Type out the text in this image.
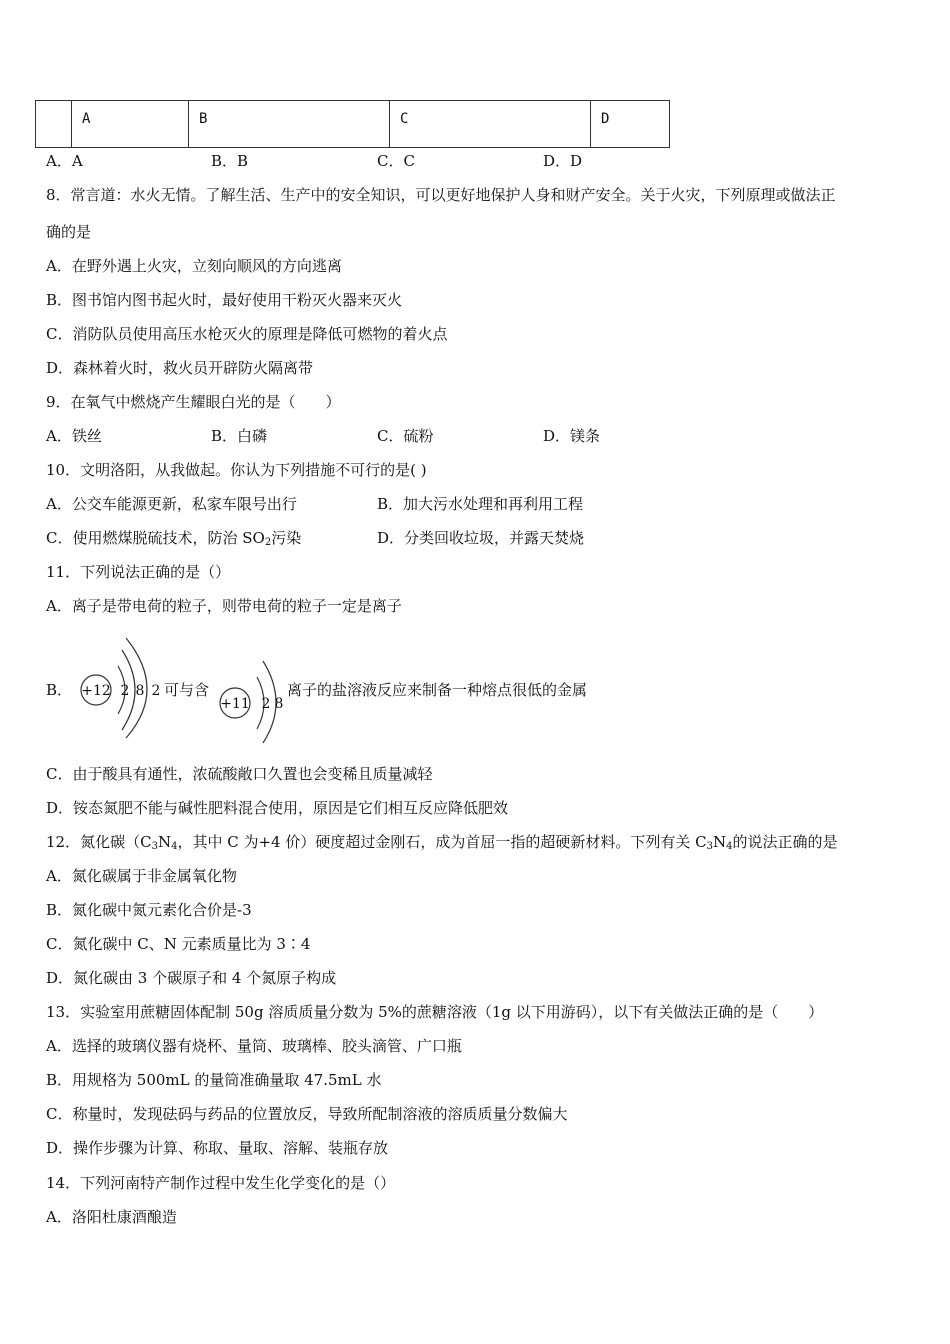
	A	B	C	D
A．A	B．B	C．C	D．D
8．常言道：水火无情。了解生活、生产中的安全知识，可以更好地保护人身和财产安全。关于火灾，下列原理或做法正
确的是
A．在野外遇上火灾，立刻向顺风的方向逃离
B．图书馆内图书起火时，最好使用干粉灭火器来灭火
C．消防队员使用高压水枪灭火的原理是降低可燃物的着火点
D．森林着火时，救火员开辟防火隔离带
9．在氧气中燃烧产生耀眼白光的是（　　）
A．铁丝	B．白磷	C．硫粉	D．镁条
10．文明洛阳，从我做起。你认为下列措施不可行的是( )
A．公交车能源更新，私家车限号出行	B．加大污水处理和再利用工程
C．使用燃煤脱硫技术，防治 $SO_2$污染	D．分类回收垃圾，并露天焚烧
11．下列说法正确的是（）
A．离子是带电荷的粒子，则带电荷的粒子一定是离子
B． +12 2 8 2 可与含
+11 2 8
离子的盐溶液反应来制备一种熔点很低的金属
C．由于酸具有通性，浓硫酸敞口久置也会变稀且质量减轻
D．铵态氮肥不能与碱性肥料混合使用，原因是它们相互反应降低肥效
12．氮化碳（$C_3N_4$，其中 C 为+4 价）硬度超过金刚石，成为首屈一指的超硬新材料。下列有关 $C_3N_4$的说法正确的是
A．氮化碳属于非金属氧化物
B．氮化碳中氮元素化合价是-3
C．氮化碳中 C、N 元素质量比为 3∶4
D．氮化碳由 3 个碳原子和 4 个氮原子构成
13．实验室用蔗糖固体配制 50g 溶质质量分数为 5%的蔗糖溶液（1g 以下用游码），以下有关做法正确的是（　　）
A．选择的玻璃仪器有烧杯、量筒、玻璃棒、胶头滴管、广口瓶
B．用规格为 500mL 的量筒准确量取 47.5mL 水
C．称量时，发现砝码与药品的位置放反，导致所配制溶液的溶质质量分数偏大
D．操作步骤为计算、称取、量取、溶解、装瓶存放
14．下列河南特产制作过程中发生化学变化的是（）
A．洛阳杜康酒酿造
